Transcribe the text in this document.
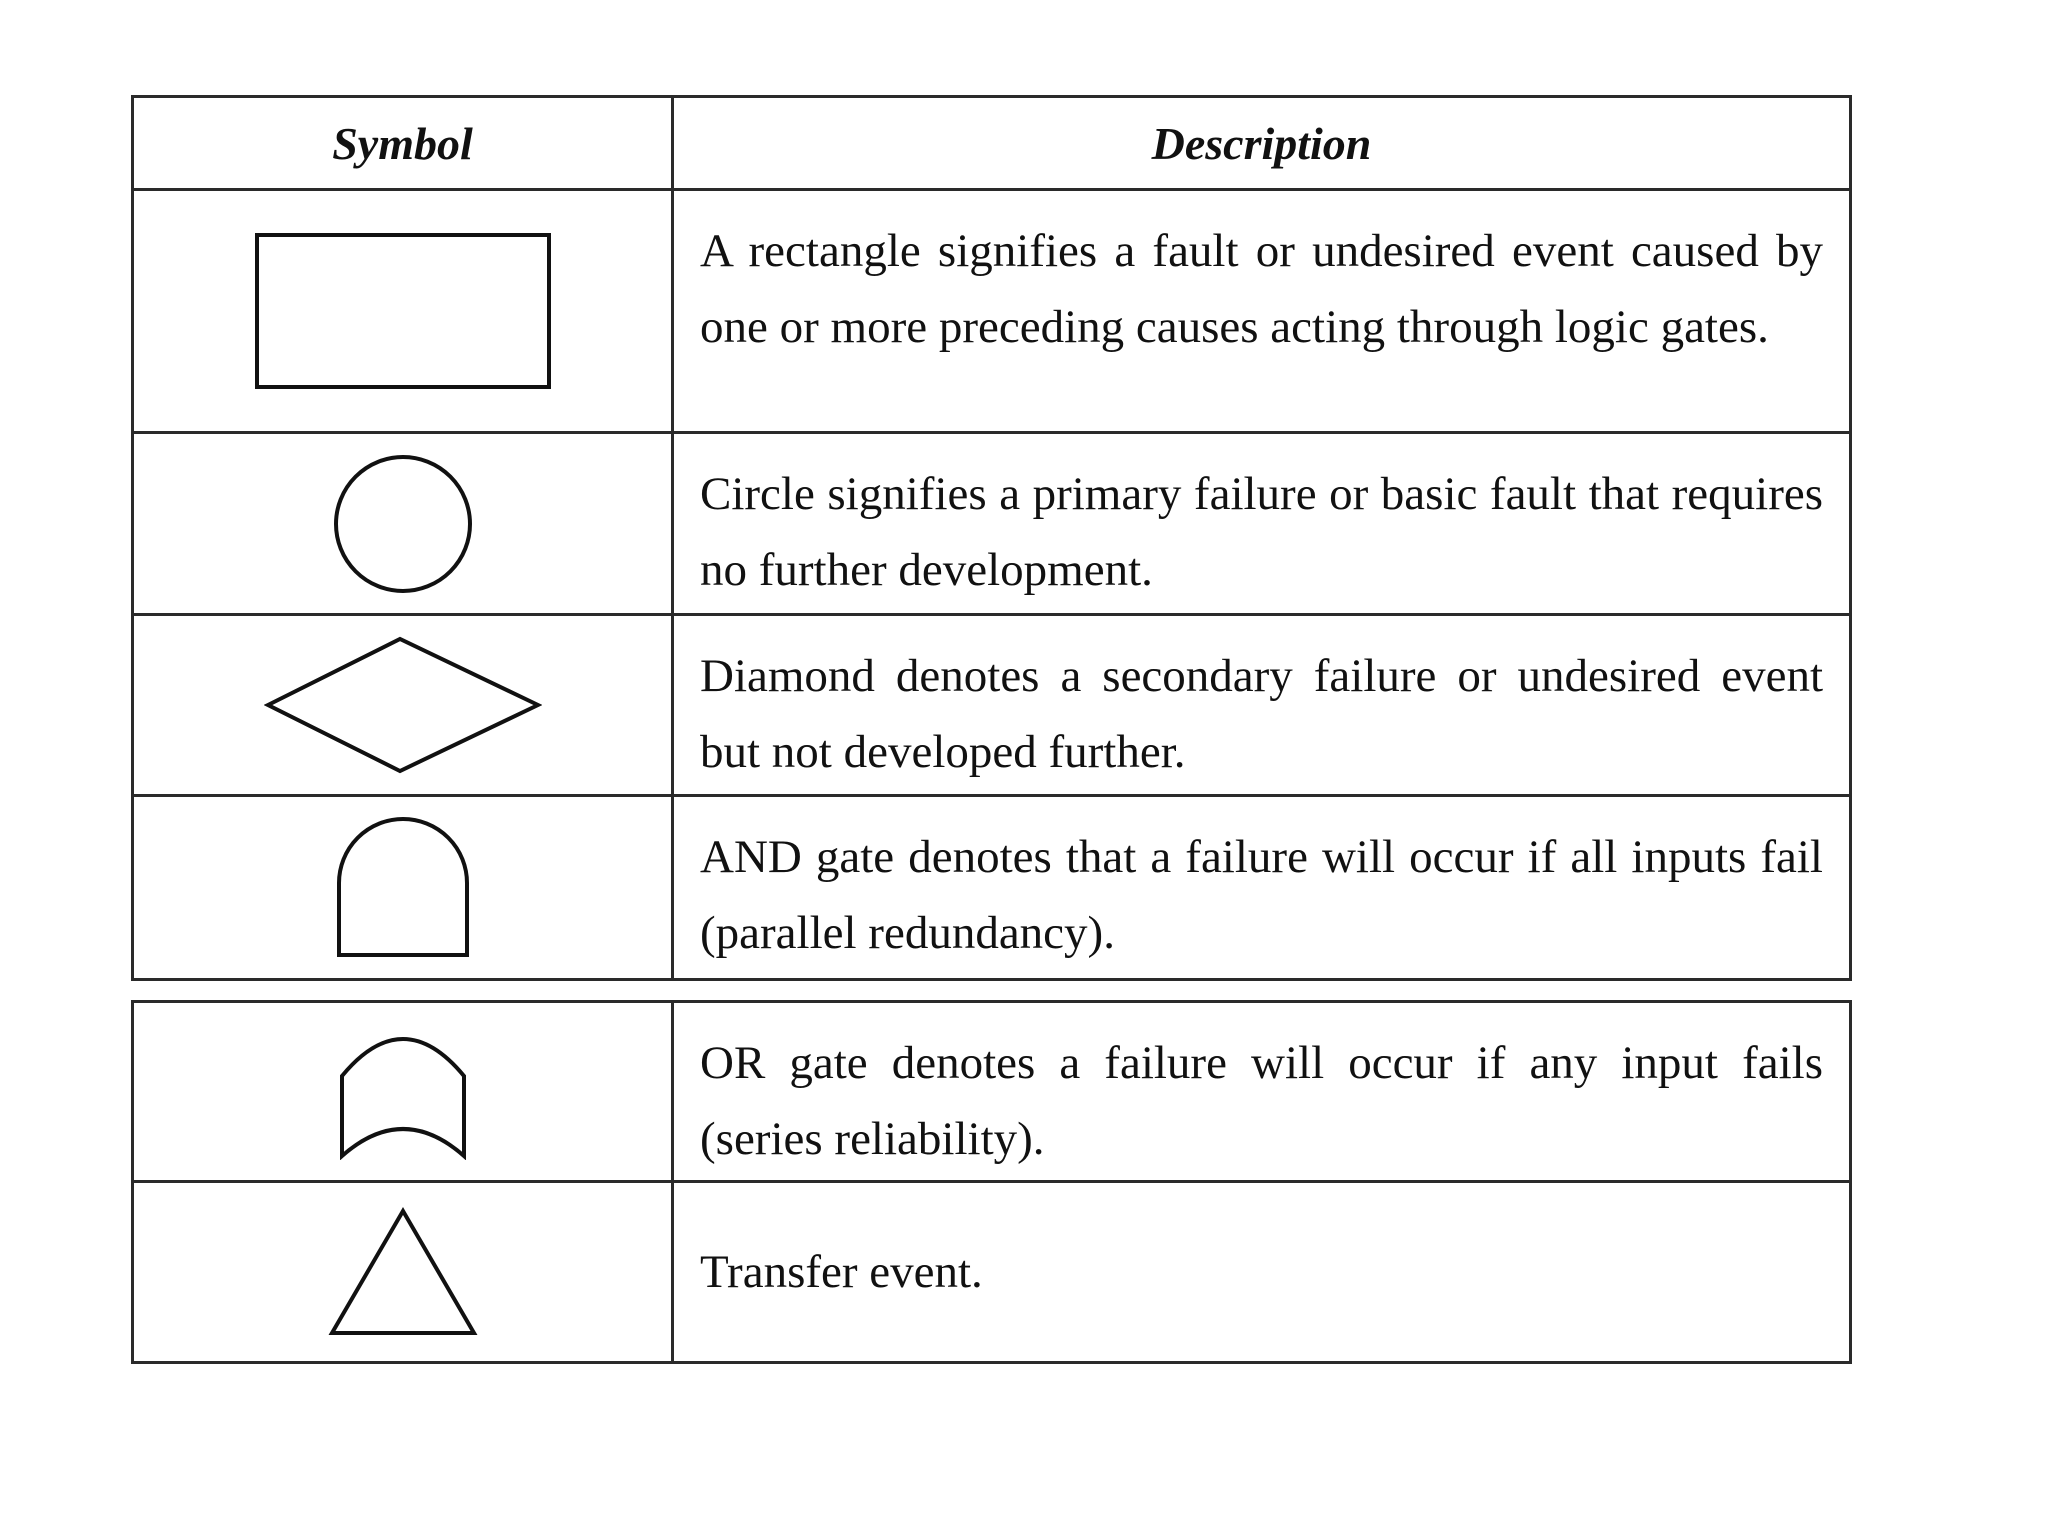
Symbol	Description

	A rectangle signifies a fault or undesired event caused by one or more preceding causes acting through logic gates.

	Circle signifies a primary failure or basic fault that requires no further development.

	Diamond denotes a secondary failure or undesired event but not developed further.

	AND gate denotes that a failure will occur if all inputs fail (parallel redundancy).
	OR gate denotes a failure will occur if any input fails (series reliability).

	Transfer event.
